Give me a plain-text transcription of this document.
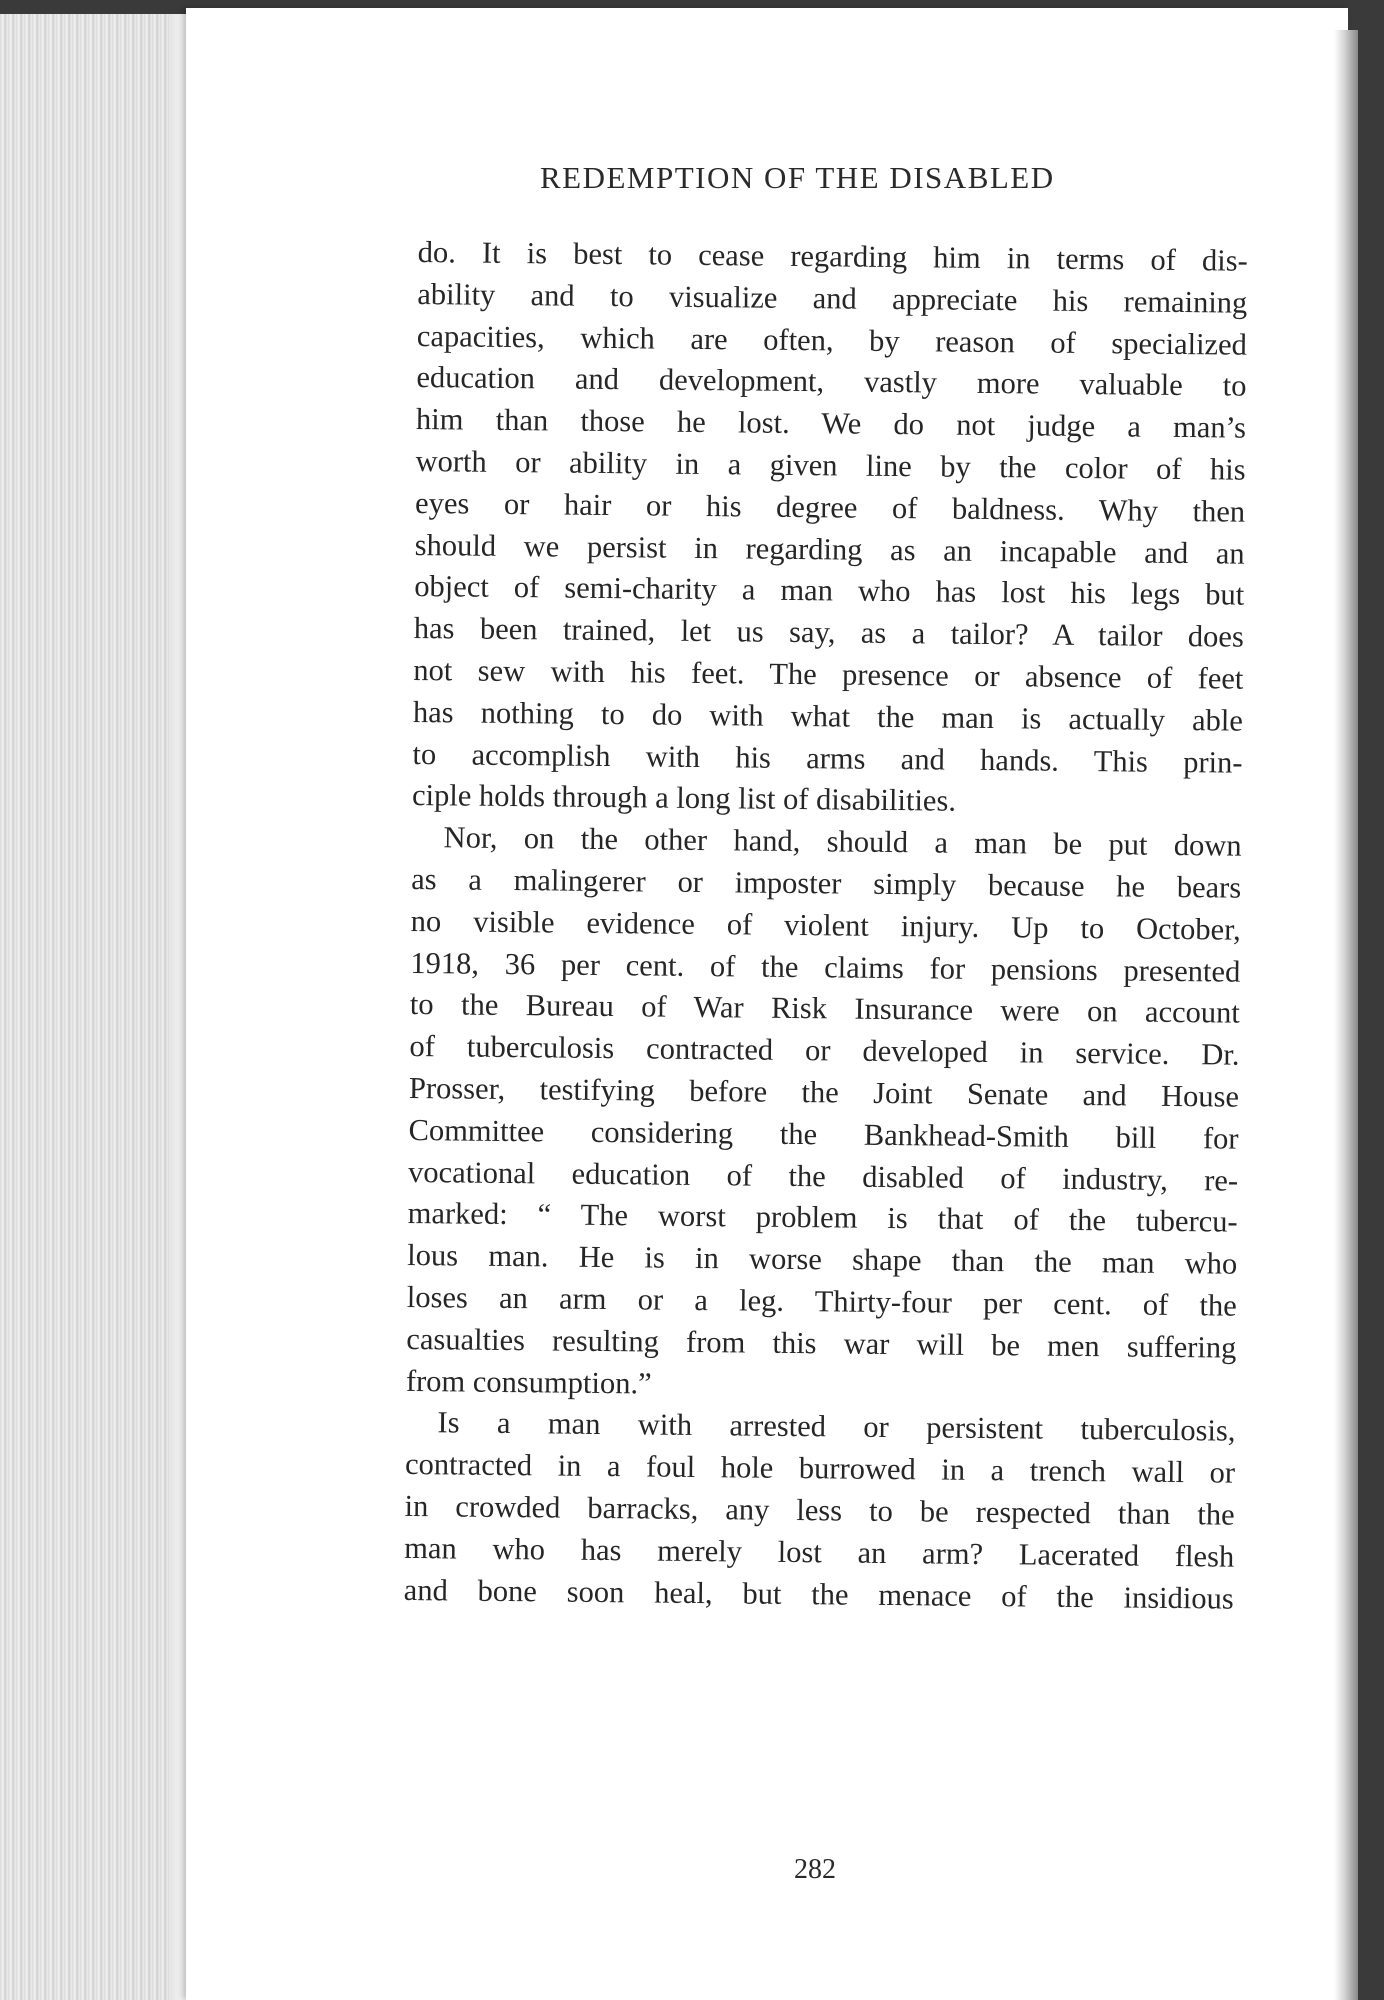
REDEMPTION OF THE DISABLED
do. It is best to cease regarding him in terms of dis-
ability and to visualize and appreciate his remaining
capacities, which are often, by reason of specialized
education and development, vastly more valuable to
him than those he lost. We do not judge a man’s
worth or ability in a given line by the color of his
eyes or hair or his degree of baldness. Why then
should we persist in regarding as an incapable and an
object of semi-charity a man who has lost his legs but
has been trained, let us say, as a tailor? A tailor does
not sew with his feet. The presence or absence of feet
has nothing to do with what the man is actually able
to accomplish with his arms and hands. This prin-
ciple holds through a long list of disabilities.
Nor, on the other hand, should a man be put down
as a malingerer or imposter simply because he bears
no visible evidence of violent injury. Up to October,
1918, 36 per cent. of the claims for pensions presented
to the Bureau of War Risk Insurance were on account
of tuberculosis contracted or developed in service. Dr.
Prosser, testifying before the Joint Senate and House
Committee considering the Bankhead-Smith bill for
vocational education of the disabled of industry, re-
marked: “ The worst problem is that of the tubercu-
lous man. He is in worse shape than the man who
loses an arm or a leg. Thirty-four per cent. of the
casualties resulting from this war will be men suffering
from consumption.”
Is a man with arrested or persistent tuberculosis,
contracted in a foul hole burrowed in a trench wall or
in crowded barracks, any less to be respected than the
man who has merely lost an arm? Lacerated flesh
and bone soon heal, but the menace of the insidious
282
